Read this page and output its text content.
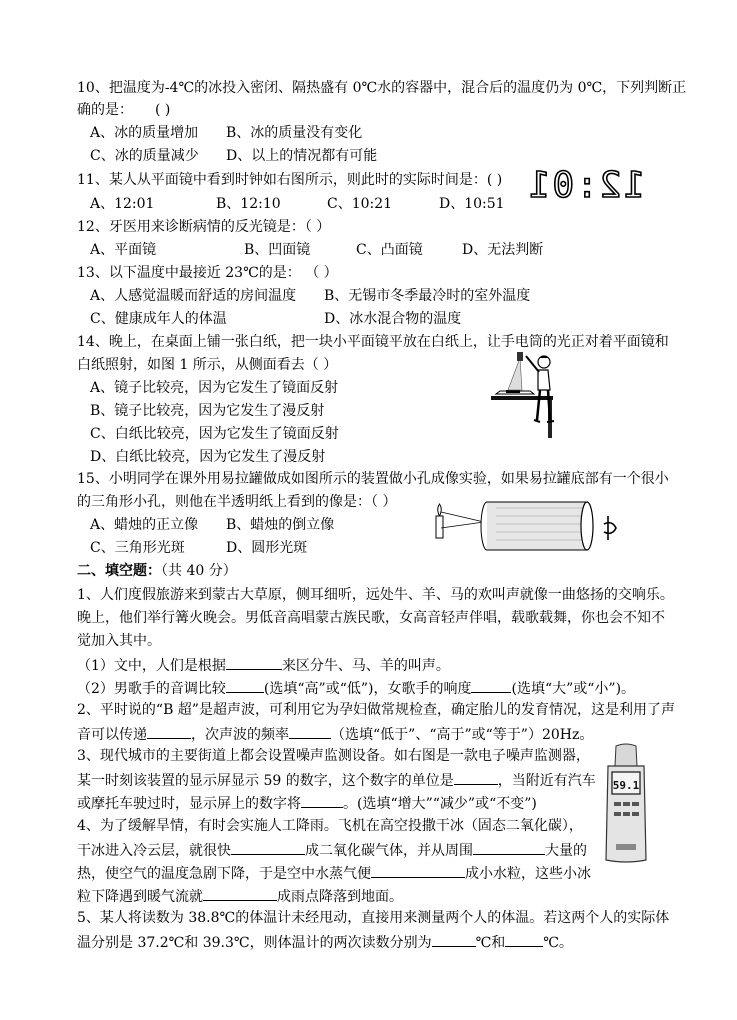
10、把温度为-4℃的冰投入密闭、隔热盛有 0℃水的容器中，混合后的温度仍为 0℃，下列判断正
确的是： ( )
A、冰的质量增加 B、冰的质量没有变化
C、冰的质量减少 D、以上的情况都有可能
11、某人从平面镜中看到时钟如右图所示，则此时的实际时间是：( ) 12:01
A、12:01	B、12:10	C、10:21	D、10:51
12、牙医用来诊断病情的反光镜是：（ ）
A、平面镜	B、凹面镜	C、凸面镜	D、无法判断
13、以下温度中最接近 23℃的是： （ ）
A、人感觉温暖而舒适的房间温度 B、无锡市冬季最冷时的室外温度
C、健康成年人的体温	D、冰水混合物的温度
14、晚上，在桌面上铺一张白纸，把一块小平面镜平放在白纸上，让手电筒的光正对着平面镜和
白纸照射，如图 1 所示，从侧面看去（ ）
A、镜子比较亮，因为它发生了镜面反射
B、镜子比较亮，因为它发生了漫反射
C、白纸比较亮，因为它发生了镜面反射
D、白纸比较亮，因为它发生了漫反射
15、小明同学在课外用易拉罐做成如图所示的装置做小孔成像实验，如果易拉罐底部有一个很小
的三角形小孔，则他在半透明纸上看到的像是：（ ）
A、蜡烛的正立像 B、蜡烛的倒立像
C、三角形光斑	D、圆形光斑
二、填空题：（共 40 分）
1、人们度假旅游来到蒙古大草原，侧耳细听，远处牛、羊、马的欢叫声就像一曲悠扬的交响乐。
晚上，他们举行篝火晚会。男低音高唱蒙古族民歌，女高音轻声伴唱，载歌载舞，你也会不知不
觉加入其中。
（1）文中，人们是根据	来区分牛、马、羊的叫声。
（2）男歌手的音调比较	(选填“高”或“低”)，女歌手的响度	(选填“大”或“小”)。
2、平时说的“B 超”是超声波，可利用它为孕妇做常规检查，确定胎儿的发育情况，这是利用了声
音可以传递	，次声波的频率	（选填“低于”、“高于”或“等于”）20Hz。
3、现代城市的主要街道上都会设置噪声监测设备。如右图是一款电子噪声监测器，
某一时刻该装置的显示屏显示 59 的数字，这个数字的单位是	，当附近有汽车
或摩托车驶过时，显示屏上的数字将	。(选填“增大”“减少”或“不变”)
59.1
4、为了缓解旱情，有时会实施人工降雨。飞机在高空投撒干冰（固态二氧化碳），
干冰进入冷云层，就很快	成二氧化碳气体，并从周围	大量的
热，使空气的温度急剧下降，于是空中水蒸气便	成小水粒，这些小冰
粒下降遇到暖气流就	成雨点降落到地面。
5、某人将读数为 38.8℃的体温计未经甩动，直接用来测量两个人的体温。若这两个人的实际体
温分别是 37.2℃和 39.3℃，则体温计的两次读数分别为	℃和	℃。
